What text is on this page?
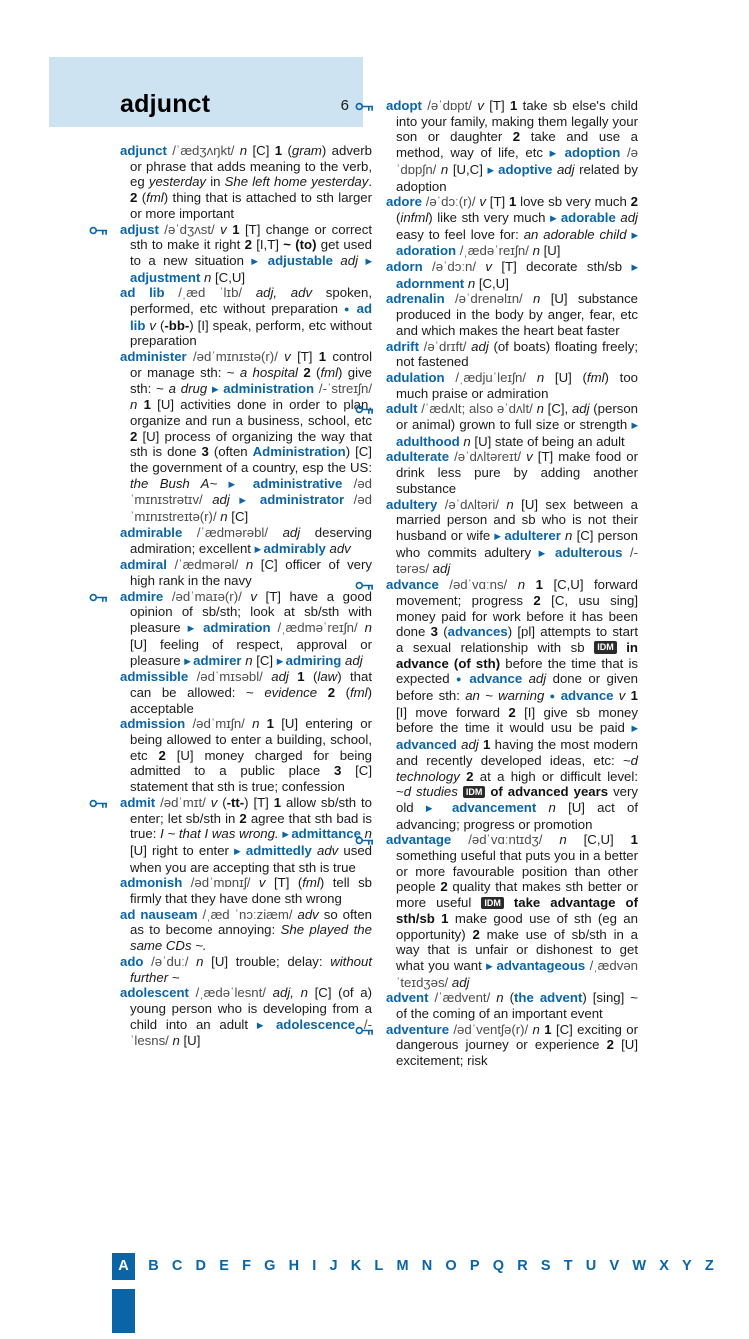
adjunct	6
adjunct /ˈædʒʌŋkt/ n [C] 1 (gram) adverb or phrase that adds meaning to the verb, eg yesterday in She left home yesterday. 2 (fml) thing that is attached to sth larger or more important
adjust /əˈdʒʌst/ v 1 [T] change or correct sth to make it right 2 [I,T] ~ (to) get used to a new situation ▶ adjustable adj ▶ adjustment n [C,U]
ad lib /ˌæd ˈlɪb/ adj, adv spoken, performed, etc without preparation ● ad lib v (-bb-) [I] speak, perform, etc without preparation
administer /ədˈmɪnɪstə(r)/ v [T] 1 control or manage sth: ~ a hospital 2 (fml) give sth: ~ a drug ▶ administration /-ˈstreɪʃn/ n 1 [U] activities done in order to plan, organize and run a business, school, etc 2 [U] process of organizing the way that sth is done 3 (often Administration) [C] the government of a country, esp the US: the Bush A~ ▶ administrative /ədˈmɪnɪstrətɪv/ adj ▶ administrator /ədˈmɪnɪstreɪtə(r)/ n [C]
admirable /ˈædmərəbl/ adj deserving admiration; excellent ▶ admirably adv
admiral /ˈædmərəl/ n [C] officer of very high rank in the navy
admire /ədˈmaɪə(r)/ v [T] have a good opinion of sb/sth; look at sb/sth with pleasure ▶ admiration /ˌædməˈreɪʃn/ n [U] feeling of respect, approval or pleasure ▶ admirer n [C] ▶ admiring adj
admissible /ədˈmɪsəbl/ adj 1 (law) that can be allowed: ~ evidence 2 (fml) acceptable
admission /ədˈmɪʃn/ n 1 [U] entering or being allowed to enter a building, school, etc 2 [U] money charged for being admitted to a public place 3 [C] statement that sth is true; confession
admit /ədˈmɪt/ v (-tt-) [T] 1 allow sb/sth to enter; let sb/sth in 2 agree that sth bad is true: I ~ that I was wrong. ▶ admittance n [U] right to enter ▶ admittedly adv used when you are accepting that sth is true
admonish /ədˈmɒnɪʃ/ v [T] (fml) tell sb firmly that they have done sth wrong
ad nauseam /ˌæd ˈnɔːziæm/ adv so often as to become annoying: She played the same CDs ~.
ado /əˈduː/ n [U] trouble; delay: without further ~
adolescent /ˌædəˈlesnt/ adj, n [C] (of a) young person who is developing from a child into an adult ▶ adolescence /-ˈlesns/ n [U]
adopt /əˈdɒpt/ v [T] 1 take sb else's child into your family, making them legally your son or daughter 2 take and use a method, way of life, etc ▶ adoption /əˈdɒpʃn/ n [U,C] ▶ adoptive adj related by adoption
adore /əˈdɔː(r)/ v [T] 1 love sb very much 2 (infml) like sth very much ▶ adorable adj easy to feel love for: an adorable child ▶ adoration /ˌædəˈreɪʃn/ n [U]
adorn /əˈdɔːn/ v [T] decorate sth/sb ▶ adornment n [C,U]
adrenalin /əˈdrenəlɪn/ n [U] substance produced in the body by anger, fear, etc and which makes the heart beat faster
adrift /əˈdrɪft/ adj (of boats) floating freely; not fastened
adulation /ˌædjuˈleɪʃn/ n [U] (fml) too much praise or admiration
adult /ˈædʌlt; also əˈdʌlt/ n [C], adj (person or animal) grown to full size or strength ▶ adulthood n [U] state of being an adult
adulterate /əˈdʌltəreɪt/ v [T] make food or drink less pure by adding another substance
adultery /əˈdʌltəri/ n [U] sex between a married person and sb who is not their husband or wife ▶ adulterer n [C] person who commits adultery ▶ adulterous /-tərəs/ adj
advance /ədˈvɑːns/ n 1 [C,U] forward movement; progress 2 [C, usu sing] money paid for work before it has been done 3 (advances) [pl] attempts to start a sexual relationship with sb IDM in advance (of sth) before the time that is expected ● advance adj done or given before sth: an ~ warning ● advance v 1 [I] move forward 2 [I] give sb money before the time it would usu be paid ▶ advanced adj 1 having the most modern and recently developed ideas, etc: ~d technology 2 at a high or difficult level: ~d studies IDM of advanced years very old ▶ advancement n [U] act of advancing; progress or promotion
advantage /ədˈvɑːntɪdʒ/ n [C,U] 1 something useful that puts you in a better or more favourable position than other people 2 quality that makes sth better or more useful IDM take advantage of sth/sb 1 make good use of sth (eg an opportunity) 2 make use of sb/sth in a way that is unfair or dishonest to get what you want ▶ advantageous /ˌædvənˈteɪdʒəs/ adj
advent /ˈædvent/ n (the advent) [sing] ~ of the coming of an important event
adventure /ədˈventʃə(r)/ n 1 [C] exciting or dangerous journey or experience 2 [U] excitement; risk
A	B C D E F G H I J K L M N O P Q R S T U V W X Y Z
